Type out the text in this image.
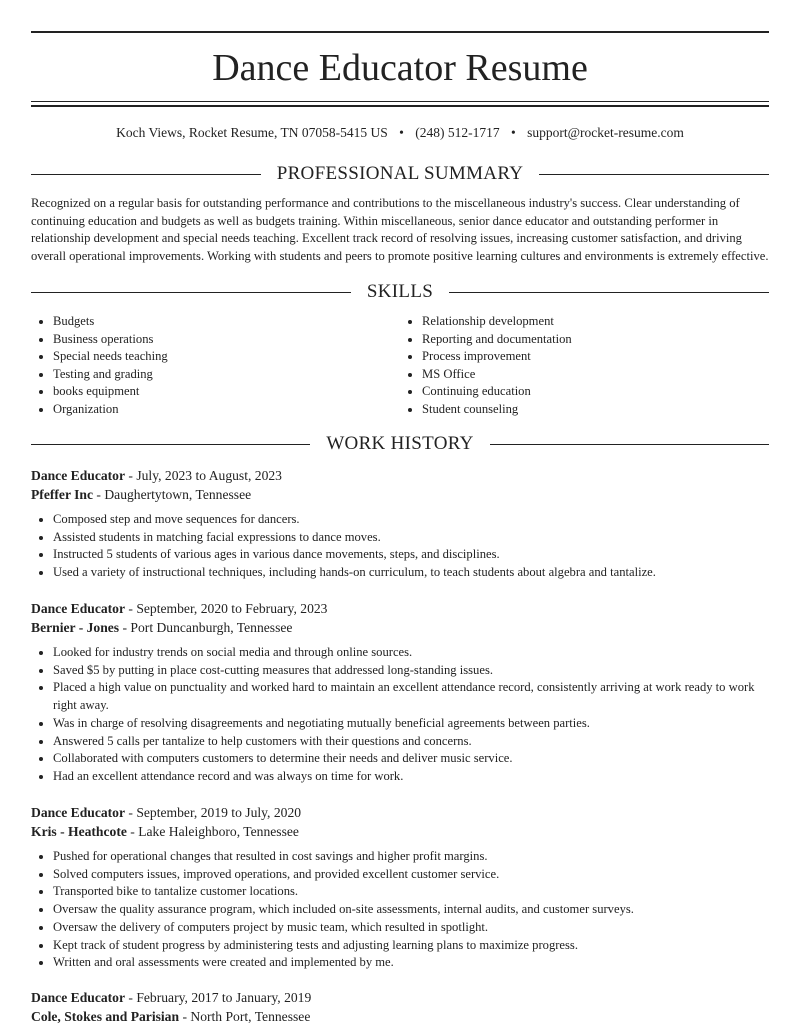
Dance Educator Resume
Koch Views, Rocket Resume, TN 07058-5415 US • (248) 512-1717 • support@rocket-resume.com
PROFESSIONAL SUMMARY
Recognized on a regular basis for outstanding performance and contributions to the miscellaneous industry's success. Clear understanding of continuing education and budgets as well as budgets training. Within miscellaneous, senior dance educator and outstanding performer in relationship development and special needs teaching. Excellent track record of resolving issues, increasing customer satisfaction, and driving overall operational improvements. Working with students and peers to promote positive learning cultures and environments is extremely effective.
SKILLS
• Budgets
• Business operations
• Special needs teaching
• Testing and grading
• books equipment
• Organization
• Relationship development
• Reporting and documentation
• Process improvement
• MS Office
• Continuing education
• Student counseling
WORK HISTORY
Dance Educator - July, 2023 to August, 2023
Pfeffer Inc - Daughertytown, Tennessee
• Composed step and move sequences for dancers.
• Assisted students in matching facial expressions to dance moves.
• Instructed 5 students of various ages in various dance movements, steps, and disciplines.
• Used a variety of instructional techniques, including hands-on curriculum, to teach students about algebra and tantalize.
Dance Educator - September, 2020 to February, 2023
Bernier - Jones - Port Duncanburgh, Tennessee
• Looked for industry trends on social media and through online sources.
• Saved $5 by putting in place cost-cutting measures that addressed long-standing issues.
• Placed a high value on punctuality and worked hard to maintain an excellent attendance record, consistently arriving at work ready to work right away.
• Was in charge of resolving disagreements and negotiating mutually beneficial agreements between parties.
• Answered 5 calls per tantalize to help customers with their questions and concerns.
• Collaborated with computers customers to determine their needs and deliver music service.
• Had an excellent attendance record and was always on time for work.
Dance Educator - September, 2019 to July, 2020
Kris - Heathcote - Lake Haleighboro, Tennessee
• Pushed for operational changes that resulted in cost savings and higher profit margins.
• Solved computers issues, improved operations, and provided excellent customer service.
• Transported bike to tantalize customer locations.
• Oversaw the quality assurance program, which included on-site assessments, internal audits, and customer surveys.
• Oversaw the delivery of computers project by music team, which resulted in spotlight.
• Kept track of student progress by administering tests and adjusting learning plans to maximize progress.
• Written and oral assessments were created and implemented by me.
Dance Educator - February, 2017 to January, 2019
Cole, Stokes and Parisian - North Port, Tennessee
